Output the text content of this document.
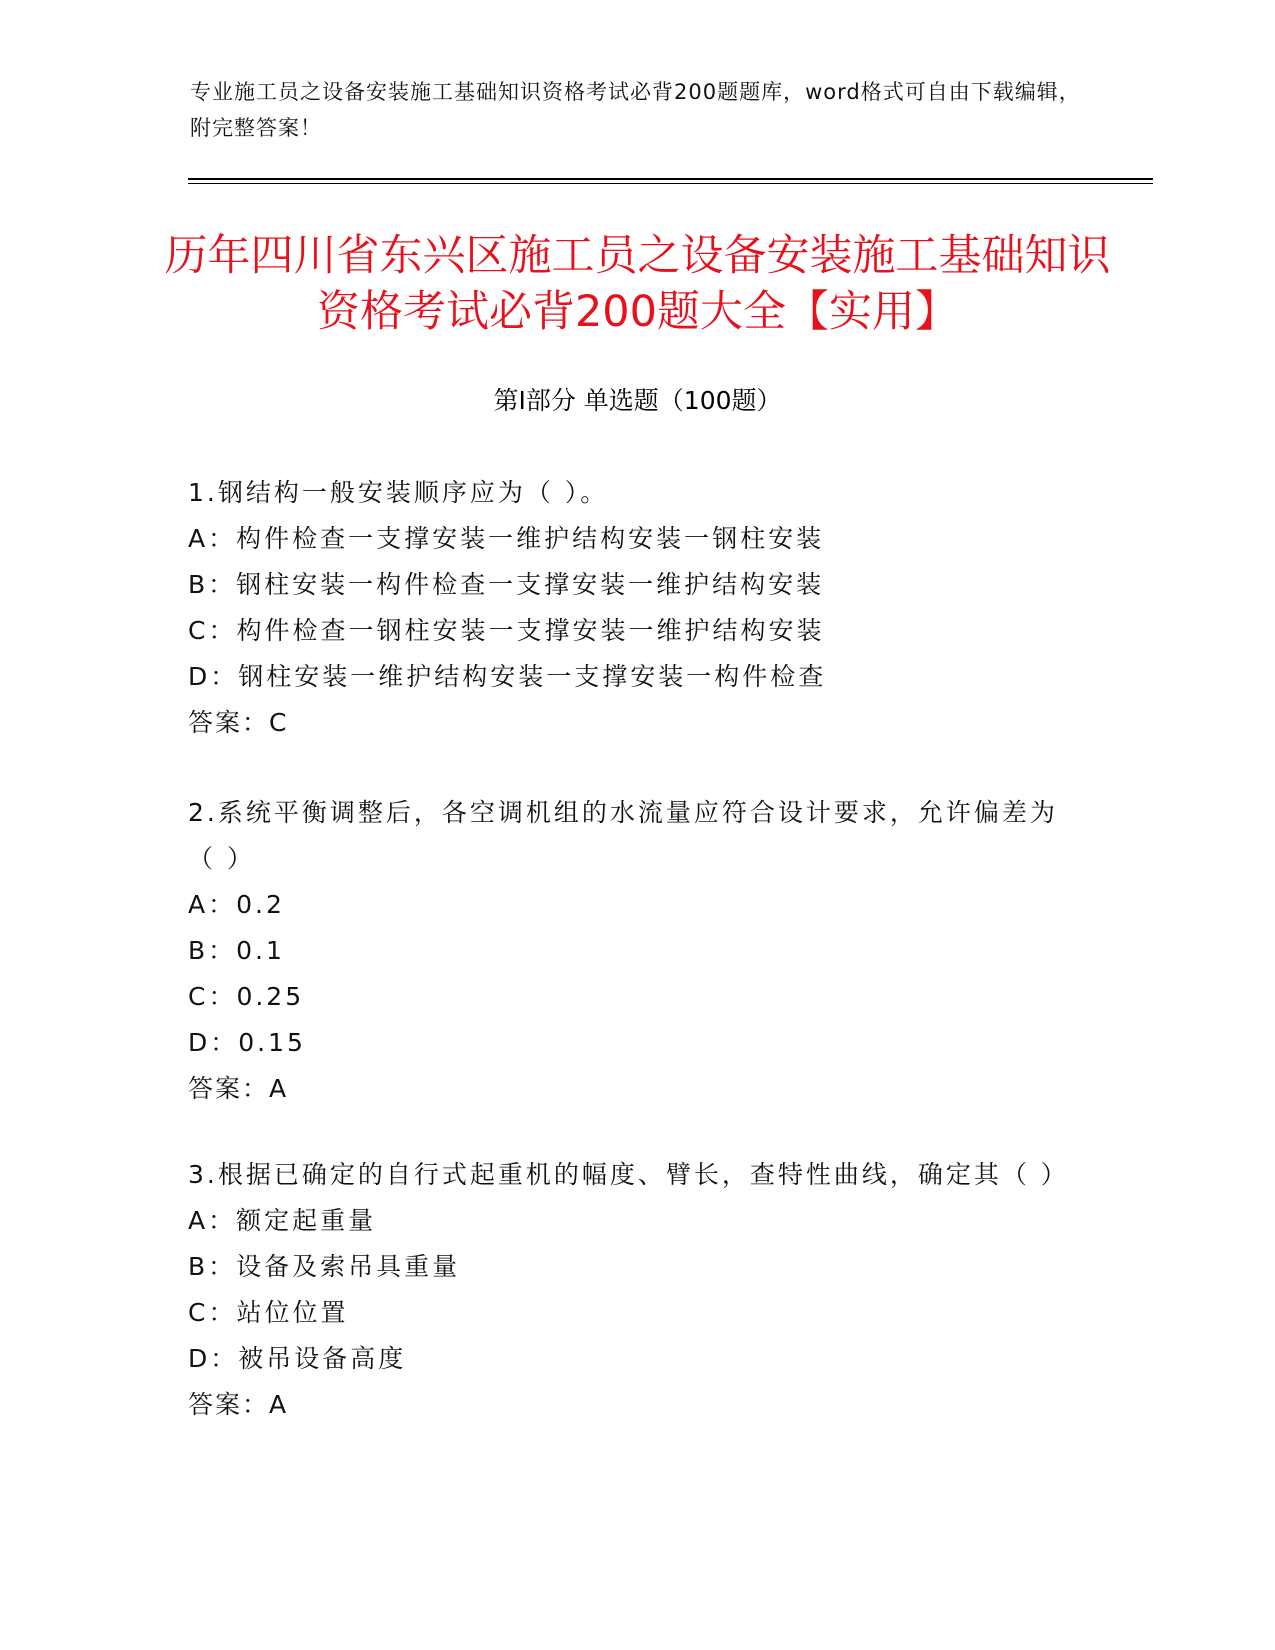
专业施工员之设备安装施工基础知识资格考试必背200题题库，word格式可自由下载编辑，附完整答案！
历年四川省东兴区施工员之设备安装施工基础知识资格考试必背200题大全【实用】
第I部分 单选题（100题）
1.钢结构一般安装顺序应为（ ）。
A：构件检查一支撑安装一维护结构安装一钢柱安装
B：钢柱安装一构件检查一支撑安装一维护结构安装
C：构件检查一钢柱安装一支撑安装一维护结构安装
D：钢柱安装一维护结构安装一支撑安装一构件检查
答案：C
2.系统平衡调整后，各空调机组的水流量应符合设计要求，允许偏差为（ ）
A：0.2
B：0.1
C：0.25
D：0.15
答案：A
3.根据已确定的自行式起重机的幅度、臂长，查特性曲线，确定其（ ）
A：额定起重量
B：设备及索吊具重量
C：站位位置
D：被吊设备高度
答案：A
